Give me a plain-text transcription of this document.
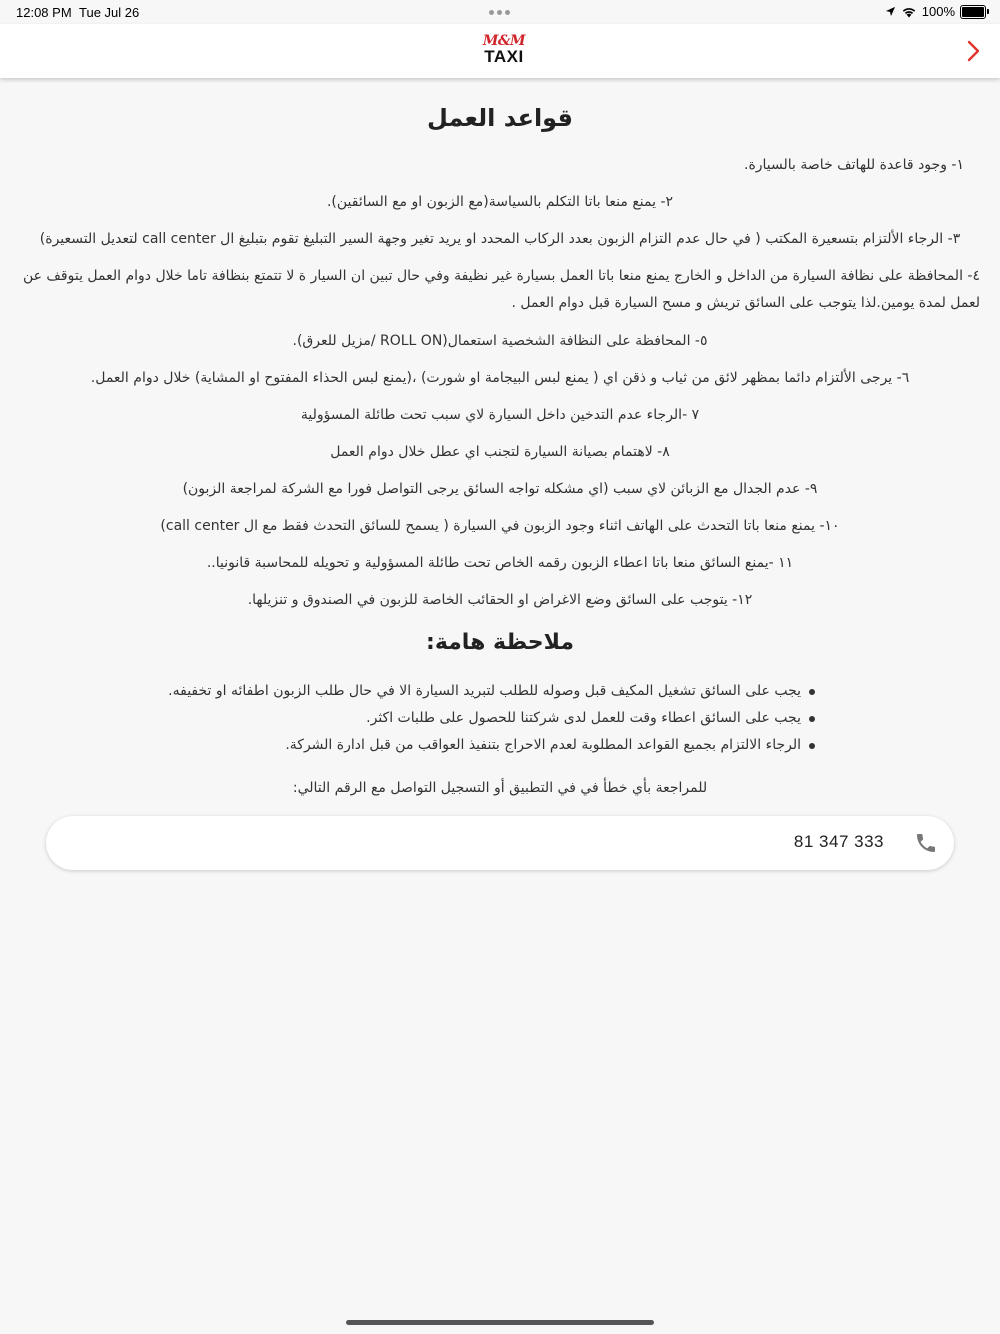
12:08 PM Tue Jul 26	100%
M&M
TAXI
قواعد العمل

١- وجود قاعدة للهاتف خاصة بالسيارة.

٢- يمنع منعا باتا التكلم بالسياسة(مع الزبون او مع السائقين).

٣- الرجاء الألتزام بتسعيرة المكتب ( في حال عدم التزام الزبون بعدد الركاب المحدد او يريد تغير وجهة السير التبليغ تقوم بتبليغ ال call center لتعديل التسعيرة)

٤- المحافظة على نظافة السيارة من الداخل و الخارج يمنع منعا باتا العمل بسيارة غير نظيفة وفي حال تبين ان السيار ة لا تتمتع بنظافة تاما خلال دوام العمل يتوقف عن لعمل لمدة يومين.لذا يتوجب على السائق تريش و مسح السيارة قبل دوام العمل .

٥- المحافظة على النظافة الشخصية استعمال(ROLL ON /مزيل للعرق).

٦- يرجى الألتزام دائما بمظهر لائق من ثياب و ذقن اي ( يمنع لبس البيجامة او شورت) ،(يمنع لبس الحذاء المفتوح او المشاية) خلال دوام العمل.

٧ -الرجاء عدم التدخين داخل السيارة لاي سبب تحت طائلة المسؤولية

٨- لاهتمام بصيانة السيارة لتجنب اي عطل خلال دوام العمل

٩- عدم الجدال مع الزبائن لاي سبب (اي مشكله تواجه السائق يرجى التواصل فورا مع الشركة لمراجعة الزبون)

١٠- يمنع منعا باتا التحدث على الهاتف اثناء وجود الزبون في السيارة ( يسمح للسائق التحدث فقط مع ال call center)

١١ -يمنع السائق منعا باتا اعطاء الزبون رقمه الخاص تحت طائلة المسؤولية و تحويله للمحاسبة قانونيا..

١٢- يتوجب على السائق وضع الاغراض او الحقائب الخاصة للزبون في الصندوق و تنزيلها.

ملاحظة هامة:
يجب على السائق تشغيل المكيف قبل وصوله للطلب لتبريد السيارة الا في حال طلب الزبون اطفائه او تخفيفه.
يجب على السائق اعطاء وقت للعمل لدى شركتنا للحصول على طلبات اكثر.
الرجاء الالتزام بجميع القواعد المطلوبة لعدم الاحراج بتنفيذ العواقب من قبل ادارة الشركة.

للمراجعة بأي خطأ في في التطبيق أو التسجيل التواصل مع الرقم التالي:

81 347 333
